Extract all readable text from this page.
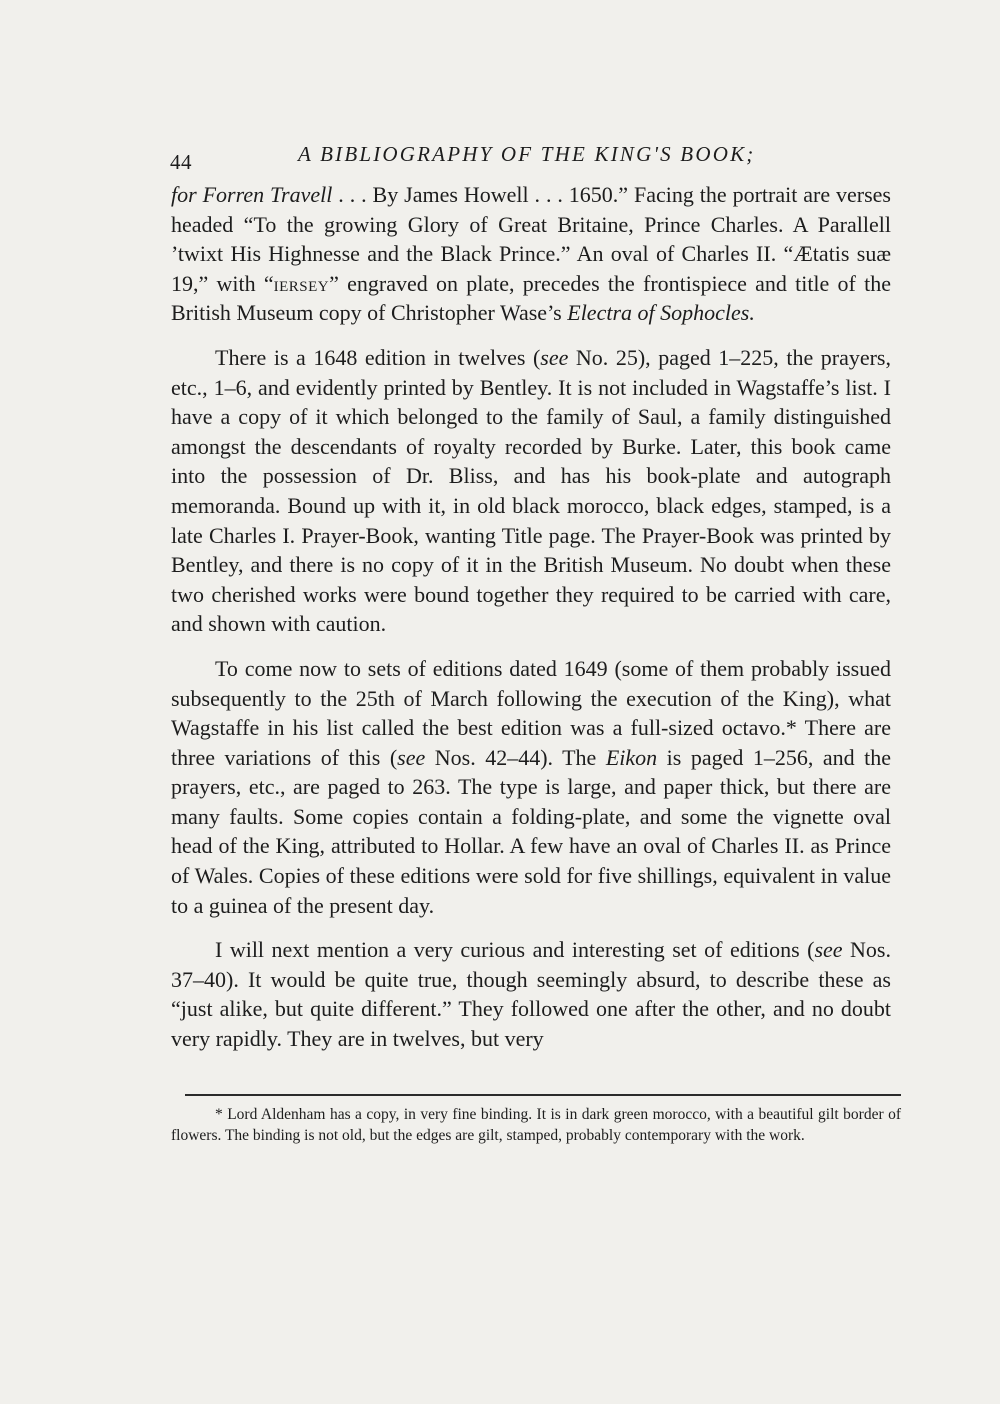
44	A BIBLIOGRAPHY OF THE KING'S BOOK;

for Forren Travell . . . By James Howell . . . 1650.” Facing the portrait are verses headed “To the growing Glory of Great Britaine, Prince Charles. A Parallell ’twixt His Highnesse and the Black Prince.” An oval of Charles II. “Ætatis suæ 19,” with “iersey” engraved on plate, precedes the frontispiece and title of the British Museum copy of Christopher Wase’s Electra of Sophocles.

There is a 1648 edition in twelves (see No. 25), paged 1–225, the prayers, etc., 1–6, and evidently printed by Bentley. It is not included in Wagstaffe’s list. I have a copy of it which belonged to the family of Saul, a family distinguished amongst the descendants of royalty recorded by Burke. Later, this book came into the possession of Dr. Bliss, and has his book-plate and autograph memoranda. Bound up with it, in old black morocco, black edges, stamped, is a late Charles I. Prayer-Book, wanting Title page. The Prayer-Book was printed by Bentley, and there is no copy of it in the British Museum. No doubt when these two cherished works were bound together they required to be carried with care, and shown with caution.

To come now to sets of editions dated 1649 (some of them probably issued subsequently to the 25th of March following the execution of the King), what Wagstaffe in his list called the best edition was a full-sized octavo.* There are three variations of this (see Nos. 42–44). The Eikon is paged 1–256, and the prayers, etc., are paged to 263. The type is large, and paper thick, but there are many faults. Some copies contain a folding-plate, and some the vignette oval head of the King, attributed to Hollar. A few have an oval of Charles II. as Prince of Wales. Copies of these editions were sold for five shillings, equivalent in value to a guinea of the present day.

I will next mention a very curious and interesting set of editions (see Nos. 37–40). It would be quite true, though seemingly absurd, to describe these as “just alike, but quite different.” They followed one after the other, and no doubt very rapidly. They are in twelves, but very

* Lord Aldenham has a copy, in very fine binding. It is in dark green morocco, with a beautiful gilt border of flowers. The binding is not old, but the edges are gilt, stamped, probably contemporary with the work.
